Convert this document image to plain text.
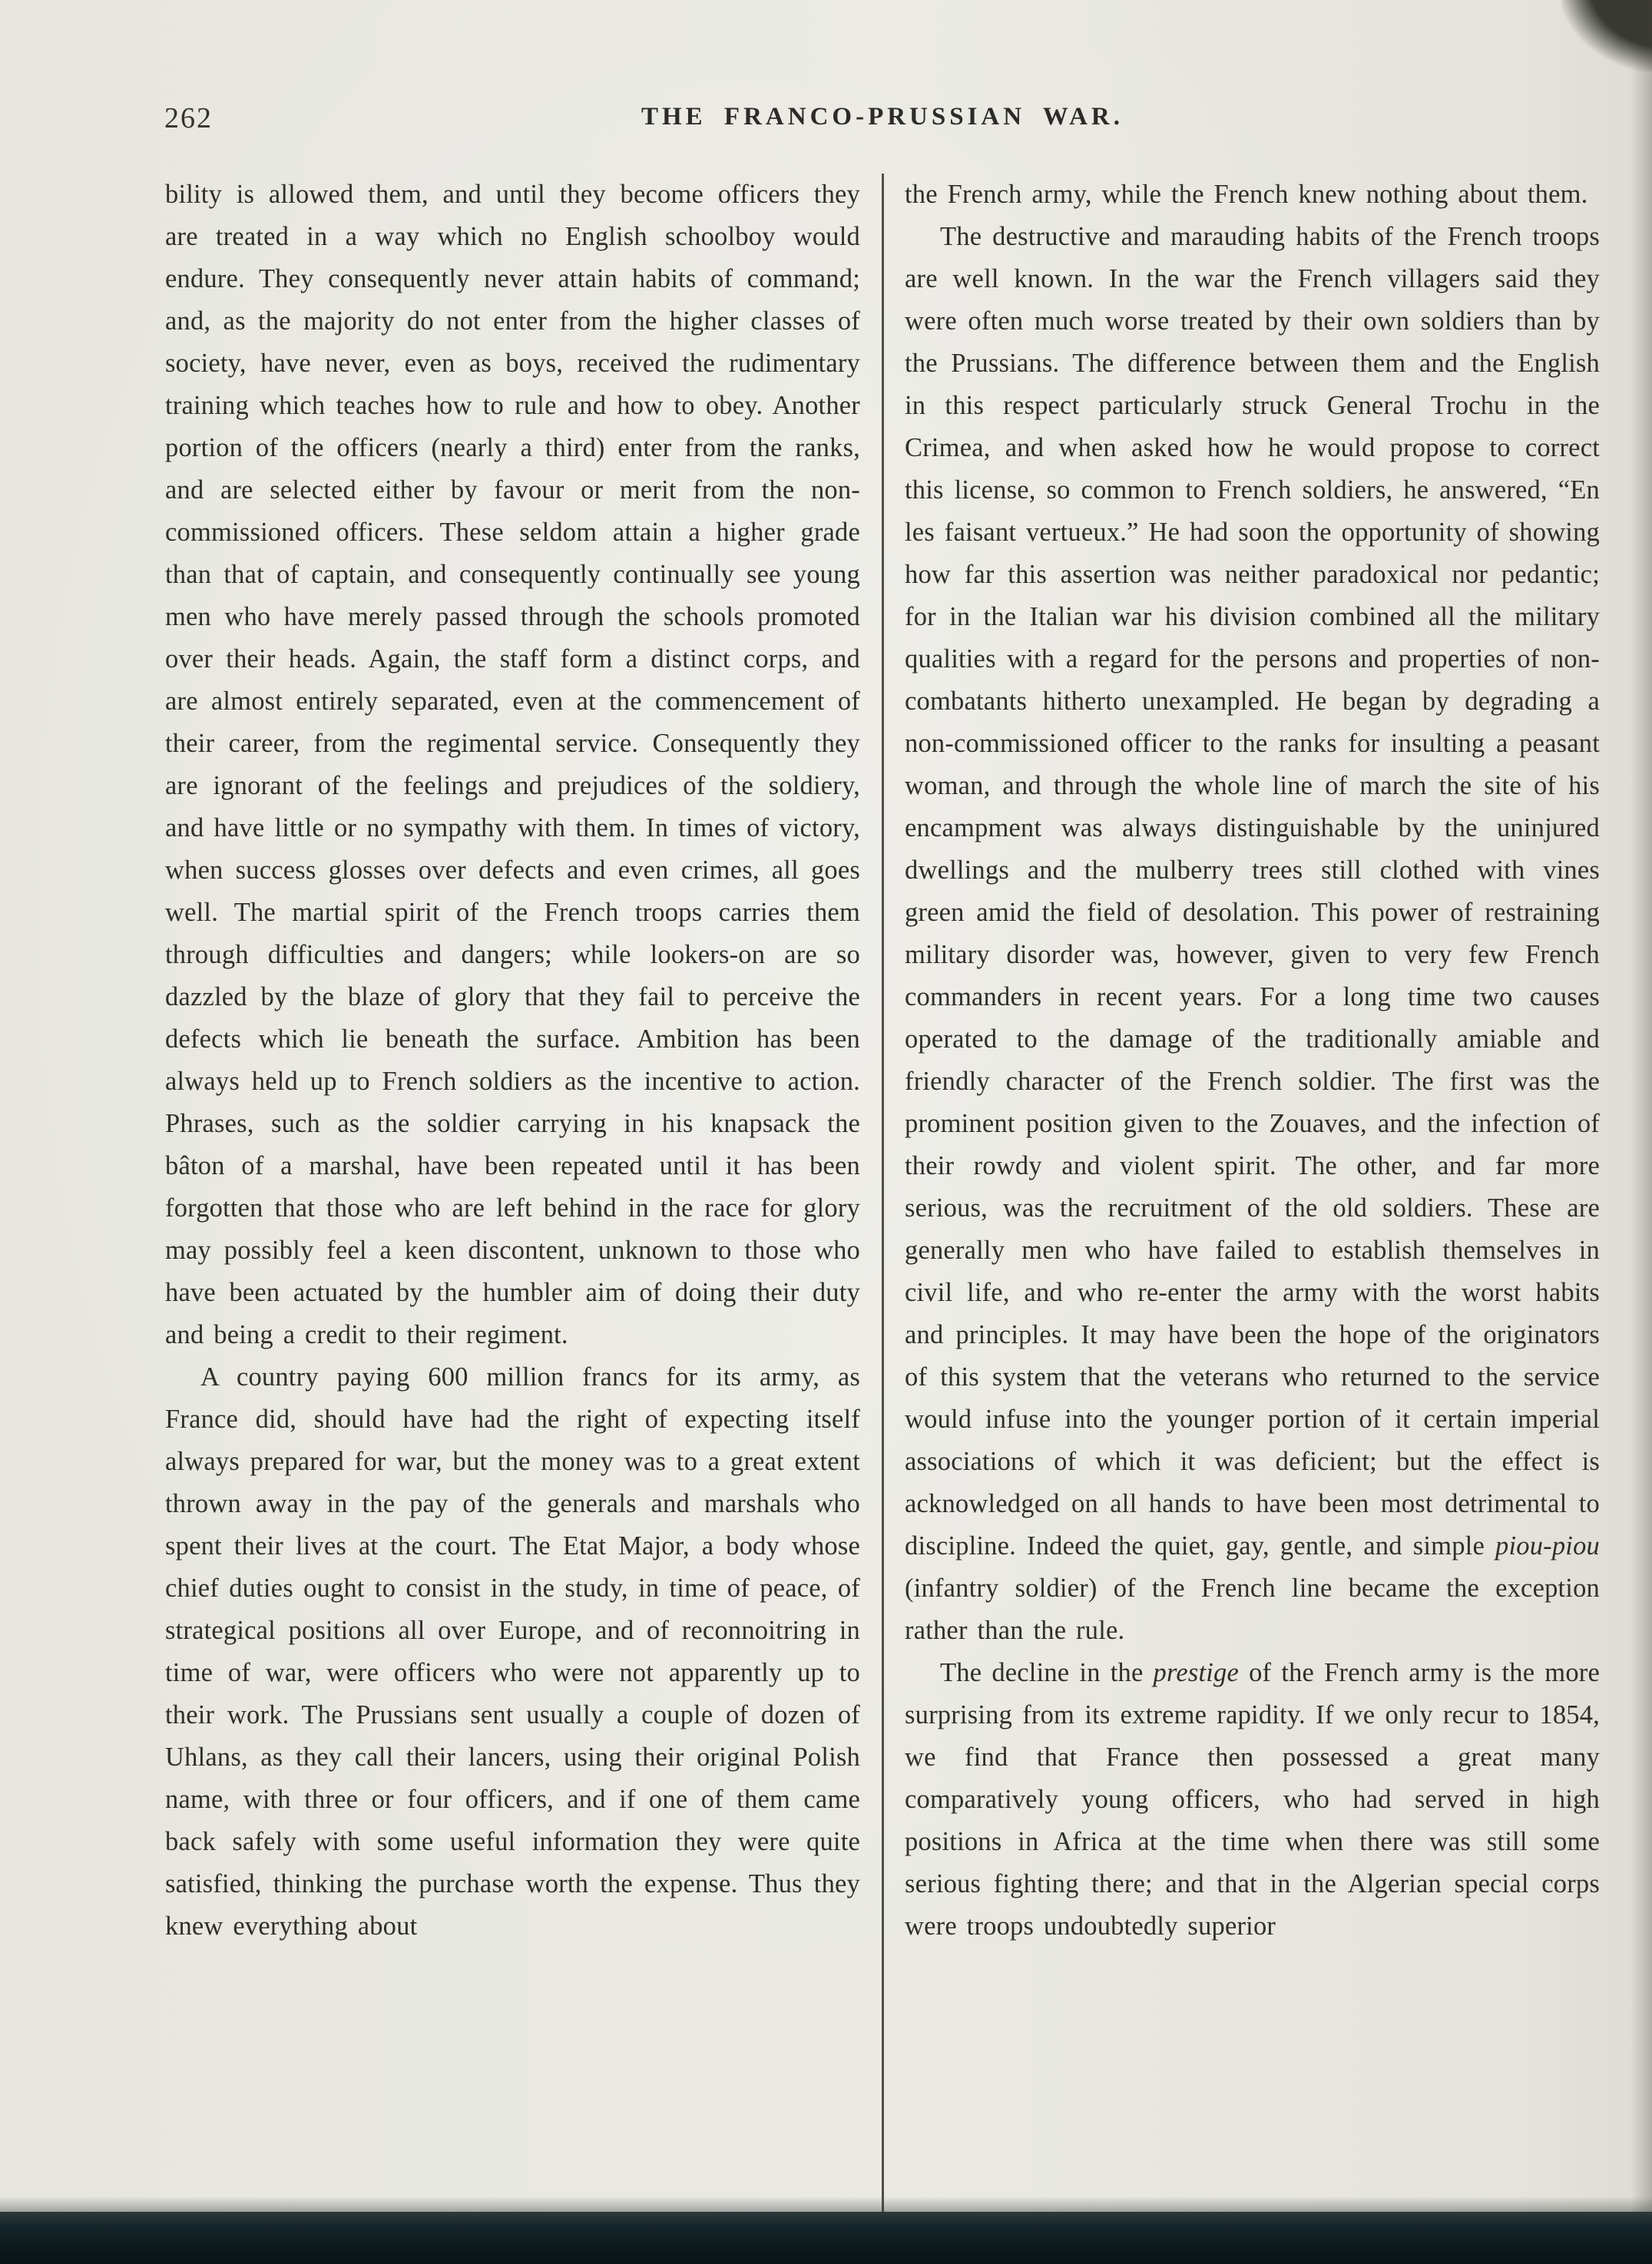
262	THE FRANCO-PRUSSIAN WAR.

bility is allowed them, and until they become officers they are treated in a way which no English schoolboy would endure. They consequently never attain habits of command; and, as the majority do not enter from the higher classes of society, have never, even as boys, received the rudimentary training which teaches how to rule and how to obey. Another portion of the officers (nearly a third) enter from the ranks, and are selected either by favour or merit from the non-commissioned officers. These seldom attain a higher grade than that of captain, and consequently continually see young men who have merely passed through the schools promoted over their heads. Again, the staff form a distinct corps, and are almost entirely separated, even at the commencement of their career, from the regimental service. Consequently they are ignorant of the feelings and prejudices of the soldiery, and have little or no sympathy with them. In times of victory, when success glosses over defects and even crimes, all goes well. The martial spirit of the French troops carries them through difficulties and dangers; while lookers-on are so dazzled by the blaze of glory that they fail to perceive the defects which lie beneath the surface. Ambition has been always held up to French soldiers as the incentive to action. Phrases, such as the soldier carrying in his knapsack the bâton of a marshal, have been repeated until it has been forgotten that those who are left behind in the race for glory may possibly feel a keen discontent, unknown to those who have been actuated by the humbler aim of doing their duty and being a credit to their regiment.

A country paying 600 million francs for its army, as France did, should have had the right of expecting itself always prepared for war, but the money was to a great extent thrown away in the pay of the generals and marshals who spent their lives at the court. The Etat Major, a body whose chief duties ought to consist in the study, in time of peace, of strategical positions all over Europe, and of reconnoitring in time of war, were officers who were not apparently up to their work. The Prussians sent usually a couple of dozen of Uhlans, as they call their lancers, using their original Polish name, with three or four officers, and if one of them came back safely with some useful information they were quite satisfied, thinking the purchase worth the expense. Thus they knew everything about

the French army, while the French knew nothing about them.

The destructive and marauding habits of the French troops are well known. In the war the French villagers said they were often much worse treated by their own soldiers than by the Prussians. The difference between them and the English in this respect particularly struck General Trochu in the Crimea, and when asked how he would propose to correct this license, so common to French soldiers, he answered, “En les faisant vertueux.” He had soon the opportunity of showing how far this assertion was neither paradoxical nor pedantic; for in the Italian war his division combined all the military qualities with a regard for the persons and properties of non-combatants hitherto unexampled. He began by degrading a non-commissioned officer to the ranks for insulting a peasant woman, and through the whole line of march the site of his encampment was always distinguishable by the uninjured dwellings and the mulberry trees still clothed with vines green amid the field of desolation. This power of restraining military disorder was, however, given to very few French commanders in recent years. For a long time two causes operated to the damage of the traditionally amiable and friendly character of the French soldier. The first was the prominent position given to the Zouaves, and the infection of their rowdy and violent spirit. The other, and far more serious, was the recruitment of the old soldiers. These are generally men who have failed to establish themselves in civil life, and who re-enter the army with the worst habits and principles. It may have been the hope of the originators of this system that the veterans who returned to the service would infuse into the younger portion of it certain imperial associations of which it was deficient; but the effect is acknowledged on all hands to have been most detrimental to discipline. Indeed the quiet, gay, gentle, and simple piou-piou (infantry soldier) of the French line became the exception rather than the rule.

The decline in the prestige of the French army is the more surprising from its extreme rapidity. If we only recur to 1854, we find that France then possessed a great many comparatively young officers, who had served in high positions in Africa at the time when there was still some serious fighting there; and that in the Algerian special corps were troops undoubtedly superior
